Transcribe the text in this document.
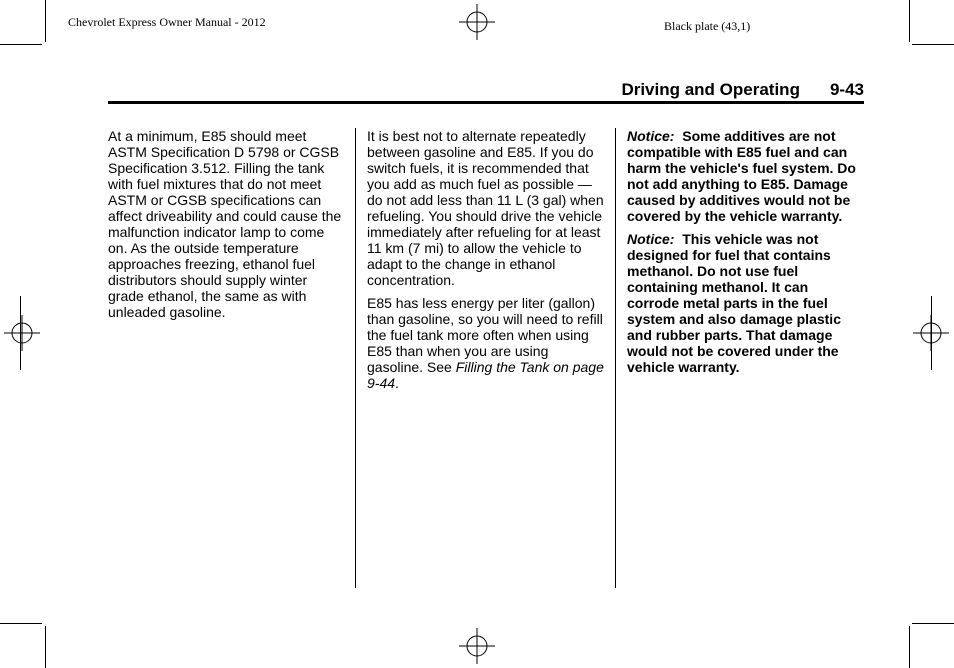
Chevrolet Express Owner Manual - 2012	Black plate (43,1)
Driving and Operating 9-43

At a minimum, E85 should meet ASTM Specification D 5798 or CGSB Specification 3.512. Filling the tank with fuel mixtures that do not meet ASTM or CGSB specifications can affect driveability and could cause the malfunction indicator lamp to come on. As the outside temperature approaches freezing, ethanol fuel distributors should supply winter grade ethanol, the same as with unleaded gasoline.

It is best not to alternate repeatedly between gasoline and E85. If you do switch fuels, it is recommended that you add as much fuel as possible — do not add less than 11 L (3 gal) when refueling. You should drive the vehicle immediately after refueling for at least 11 km (7 mi) to allow the vehicle to adapt to the change in ethanol concentration.

E85 has less energy per liter (gallon) than gasoline, so you will need to refill the fuel tank more often when using E85 than when you are using gasoline. See Filling the Tank on page 9‑44.

Notice: Some additives are not compatible with E85 fuel and can harm the vehicle's fuel system. Do not add anything to E85. Damage caused by additives would not be covered by the vehicle warranty.

Notice: This vehicle was not designed for fuel that contains methanol. Do not use fuel containing methanol. It can corrode metal parts in the fuel system and also damage plastic and rubber parts. That damage would not be covered under the vehicle warranty.
